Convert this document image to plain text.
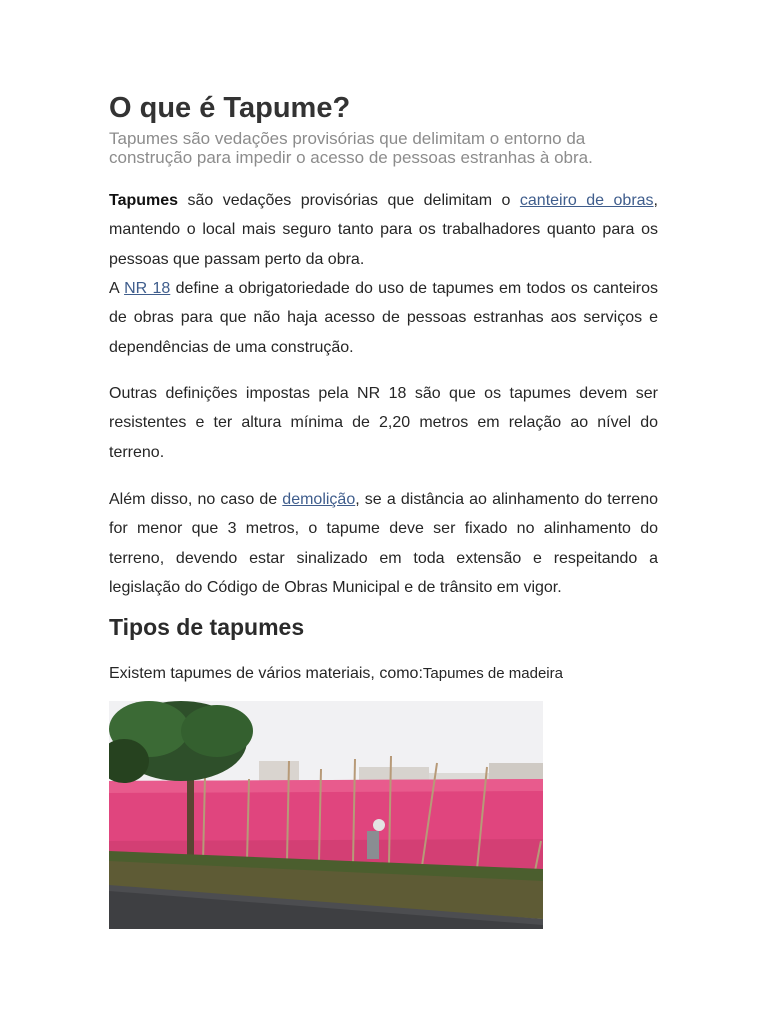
O que é Tapume?

Tapumes são vedações provisórias que delimitam o entorno da construção para impedir o acesso de pessoas estranhas à obra.

Tapumes são vedações provisórias que delimitam o canteiro de obras, mantendo o local mais seguro tanto para os trabalhadores quanto para os pessoas que passam perto da obra.

A NR 18 define a obrigatoriedade do uso de tapumes em todos os canteiros de obras para que não haja acesso de pessoas estranhas aos serviços e dependências de uma construção.

Outras definições impostas pela NR 18 são que os tapumes devem ser resistentes e ter altura mínima de 2,20 metros em relação ao nível do terreno.

Além disso, no caso de demolição, se a distância ao alinhamento do terreno for menor que 3 metros, o tapume deve ser fixado no alinhamento do terreno, devendo estar sinalizado em toda extensão e respeitando a legislação do Código de Obras Municipal e de trânsito em vigor.

Tipos de tapumes
Existem tapumes de vários materiais, como:Tapumes de madeira
